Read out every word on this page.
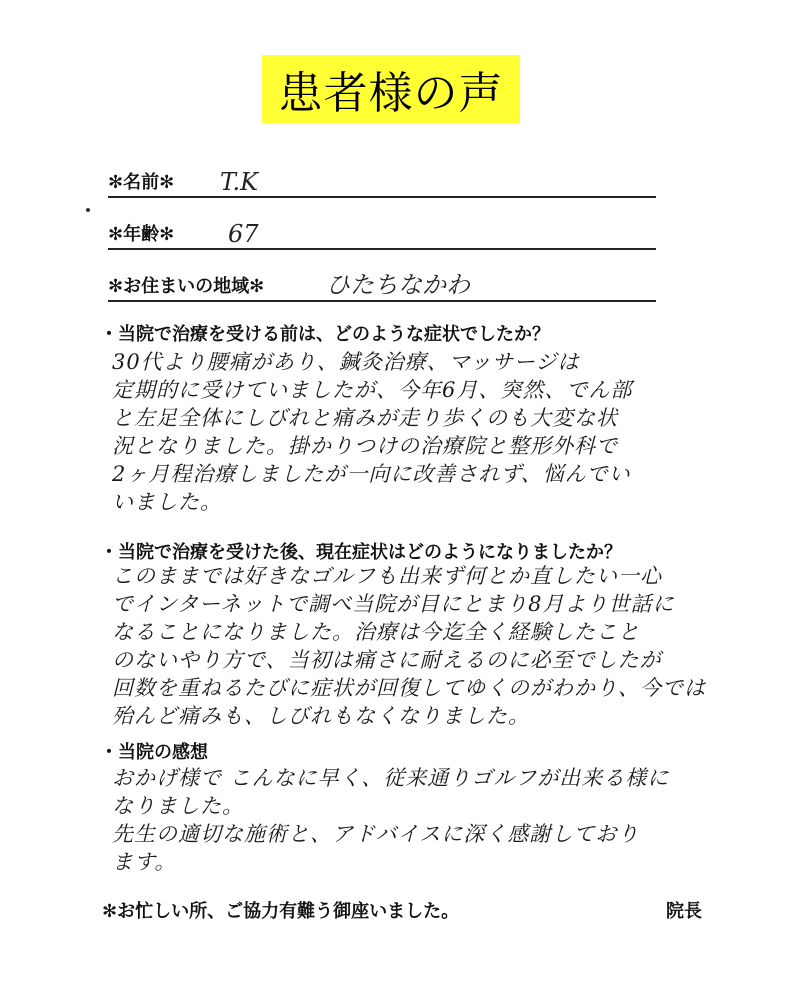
患者様の声
✻名前✻ T.K
✻年齢✻ 67
✻お住まいの地域✻	ひたちなかわ
・当院で治療を受ける前は、どのような症状でしたか？
30代より腰痛があり、鍼灸治療、マッサージは
定期的に受けていましたが、今年6月、突然、でん部
と左足全体にしびれと痛みが走り歩くのも大変な状
況となりました。掛かりつけの治療院と整形外科で
2ヶ月程治療しましたが一向に改善されず、悩んでい
いました。
・当院で治療を受けた後、現在症状はどのようになりましたか？
このままでは好きなゴルフも出来ず何とか直したい一心
でインターネットで調べ当院が目にとまり8月より世話に
なることになりました。治療は今迄全く経験したこと
のないやり方で、当初は痛さに耐えるのに必至でしたが
回数を重ねるたびに症状が回復してゆくのがわかり、今では
殆んど痛みも、しびれもなくなりました。
・当院の感想
おかげ様で こんなに早く、従来通りゴルフが出来る様に
なりました。
先生の適切な施術と、アドバイスに深く感謝しており
ます。
✻お忙しい所、ご協力有難う御座いました。	院長
